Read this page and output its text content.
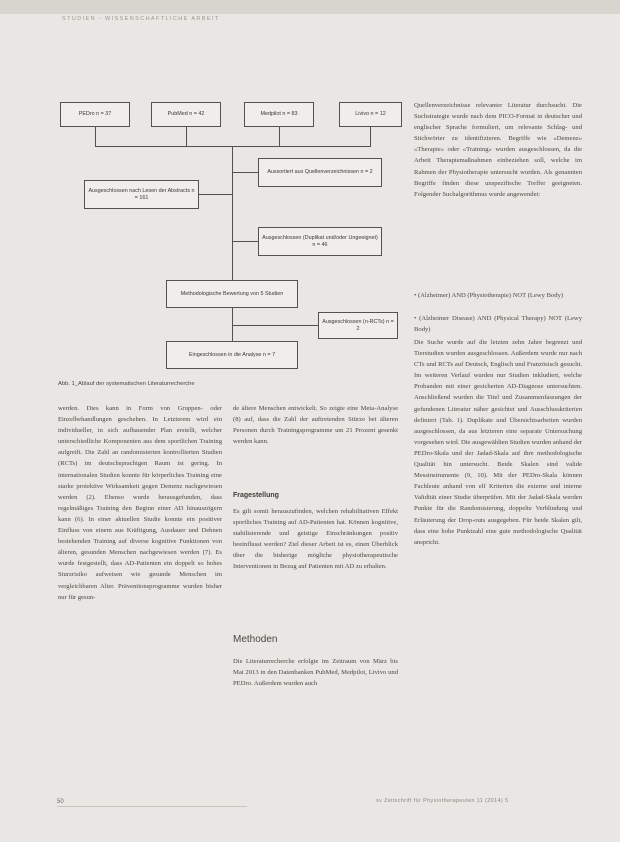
STUDIEN - WISSENSCHAFTLICHE ARBEIT
PEDro n = 37	PubMed n = 42	Medpilot n = 83	Livivo n = 12
Aussortiert aus Quellenverzeichnissen n = 2
Ausgeschlossen nach Lesen der Abstracts n = 161
Ausgeschlossen (Duplikat und/oder Ungeeignet) n = 46
Methodologische Bewertung von 5 Studien
Ausgeschlossen (n-RCTs) n = 2
Eingeschlossen in die Analyse n = 7
Abb. 1_Ablauf der systematischen Literaturrecherche

werden. Dies kann in Form von Gruppen- oder Einzelbehandlungen geschehen. In Letzterem wird ein individueller, in sich aufbauender Plan erstellt, welcher unterschiedliche Komponenten aus dem sportlichen Training aufgreift. Die Zahl an randomisierten kontrollierten Studien (RCTs) im deutschsprachigen Raum ist gering. In internationalen Studien konnte für körperliches Training eine starke protektive Wirksamkeit gegen Demenz nachgewiesen werden (2). Ebenso wurde herausgefunden, dass regelmäßiges Training den Beginn einer AD hinauszögern kann (6). In einer aktuellen Studie konnte ein positiver Einfluss von einem aus Kräftigung, Ausdauer und Dehnen bestehenden Training auf diverse kognitive Funktionen von älteren, gesunden Menschen nachgewiesen werden (7). Es wurde festgestellt, dass AD-Patienten ein doppelt so hohes Sturzrisiko aufweisen wie gesunde Menschen im vergleichbaren Alter. Präventionsprogramme wurden bisher nur für gesun-

de ältere Menschen entwickelt. So zeigte eine Meta-Analyse (8) auf, dass die Zahl der auftretenden Stürze bei älteren Personen durch Trainingsprogramme um 21 Prozent gesenkt werden kann.

Fragestellung

Es gilt somit herauszufinden, welchen rehabilitativen Effekt sportliches Training auf AD-Patienten hat. Können kognitive, stabilisierende und geistige Einschränkungen positiv beeinflusst werden? Ziel dieser Arbeit ist es, einen Überblick über die bisherige mögliche physiotherapeutische Interventionen in Bezug auf Patienten mit AD zu erhalten.

Methoden

Die Literaturrecherche erfolgte im Zeitraum von März bis Mai 2013 in den Datenbanken PubMed, Medpilot, Livivo und PEDro. Außerdem wurden auch

Quellenverzeichnisse relevanter Literatur durchsucht. Die Suchstrategie wurde nach dem PICO-Format in deutscher und englischer Sprache formuliert, um relevante Schlag- und Stichwörter zu identifizieren. Begriffe wie «Demenz» «Therapie» oder «Training» wurden ausgeschlossen, da die Arbeit Therapiemaßnahmen einbeziehen soll, welche im Rahmen der Physiotherapie untersucht wurden. Als genannten Begriffe finden diese unspezifische Treffer geeigneten. Folgender Suchalgorithmus wurde angewendet:

• (Alzheimer) AND (Physiotherapie) NOT (Lewy Body)

• (Alzheimer Disease) AND (Physical Therapy) NOT (Lewy Body)

Die Suche wurde auf die letzten zehn Jahre begrenzt und Tierstudien wurden ausgeschlossen. Außerdem wurde nur nach CTs und RCTs auf Deutsch, Englisch und Französisch gesucht. Im weiteren Verlauf wurden nur Studien inkludiert, welche Probanden mit einer gesicherten AD-Diagnose untersuchten. Anschließend wurden die Titel und Zusammenfassungen der gefundenen Literatur näher gesichtet und Ausschlusskriterien definiert (Tab. 1). Duplikate und Übersichtsarbeiten wurden ausgeschlossen, da aus letzteren eine separate Untersuchung vorgesehen wird. Die ausgewählten Studien wurden anhand der PEDro-Skala und der Jadad-Skala auf ihre methodologische Qualität hin untersucht. Beide Skalen sind valide Messinstrumente (9, 10). Mit der PEDro-Skala können Fachleute anhand von elf Kriterien die externe und interne Validität einer Studie überprüfen. Mit der Jadad-Skala werden Punkte für die Randomisierung, doppelte Verblindung und Erläuterung der Drop-outs ausgegeben. Für beide Skalen gilt, dass eine hohe Punktzahl eine gute methodologische Qualität anspricht.

50	sv Zeitschrift für Physiotherapeuten 11 (2014) 5
